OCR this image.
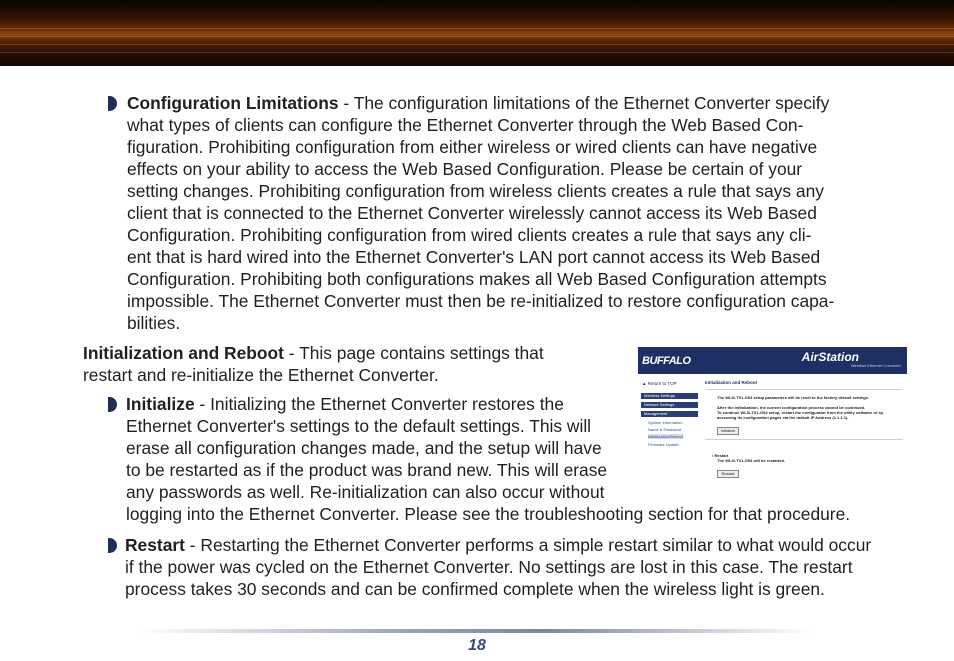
Configuration Limitations - The configuration limitations of the Ethernet Converter specify
what types of clients can configure the Ethernet Converter through the Web Based Con-
figuration. Prohibiting configuration from either wireless or wired clients can have negative
effects on your ability to access the Web Based Configuration. Please be certain of your
setting changes. Prohibiting configuration from wireless clients creates a rule that says any
client that is connected to the Ethernet Converter wirelessly cannot access its Web Based
Configuration. Prohibiting configuration from wired clients creates a rule that says any cli-
ent that is hard wired into the Ethernet Converter's LAN port cannot access its Web Based
Configuration. Prohibiting both configurations makes all Web Based Configuration attempts
impossible. The Ethernet Converter must then be re-initialized to restore configuration capa-
bilities.
Initialization and Reboot - This page contains settings that
restart and re-initialize the Ethernet Converter.
Initialize - Initializing the Ethernet Converter restores the
Ethernet Converter's settings to the default settings. This will
erase all configuration changes made, and the setup will have
to be restarted as if the product was brand new. This will erase
any passwords as well. Re-initialization can also occur without
logging into the Ethernet Converter. Please see the troubleshooting section for that procedure.
Restart - Restarting the Ethernet Converter performs a simple restart similar to what would occur
if the power was cycled on the Ethernet Converter. No settings are lost in this case. The restart
process takes 30 seconds and can be confirmed complete when the wireless light is green.
BUFFALO	AirStation
Wireless Ethernet Converter
▲ Return to TOP
Wireless Settings
Network Settings
Management
System Information
Name & Password
Initialization/Reboot
Firmware Update
Initialization and Reboot
The WLI3-TX1-G54 setup parameters will be reset to the factory default settings.
After the Initialization, the current configuration process cannot be continued.
To continue WLI3-TX1-G54 setup, restart the configurator from the utility software or by
accessing its configuration pages via the default IP Address (1.1.1.1).
Initialize
• Restart
The WLI3-TX1-G54 will be restarted.
Restart
18
